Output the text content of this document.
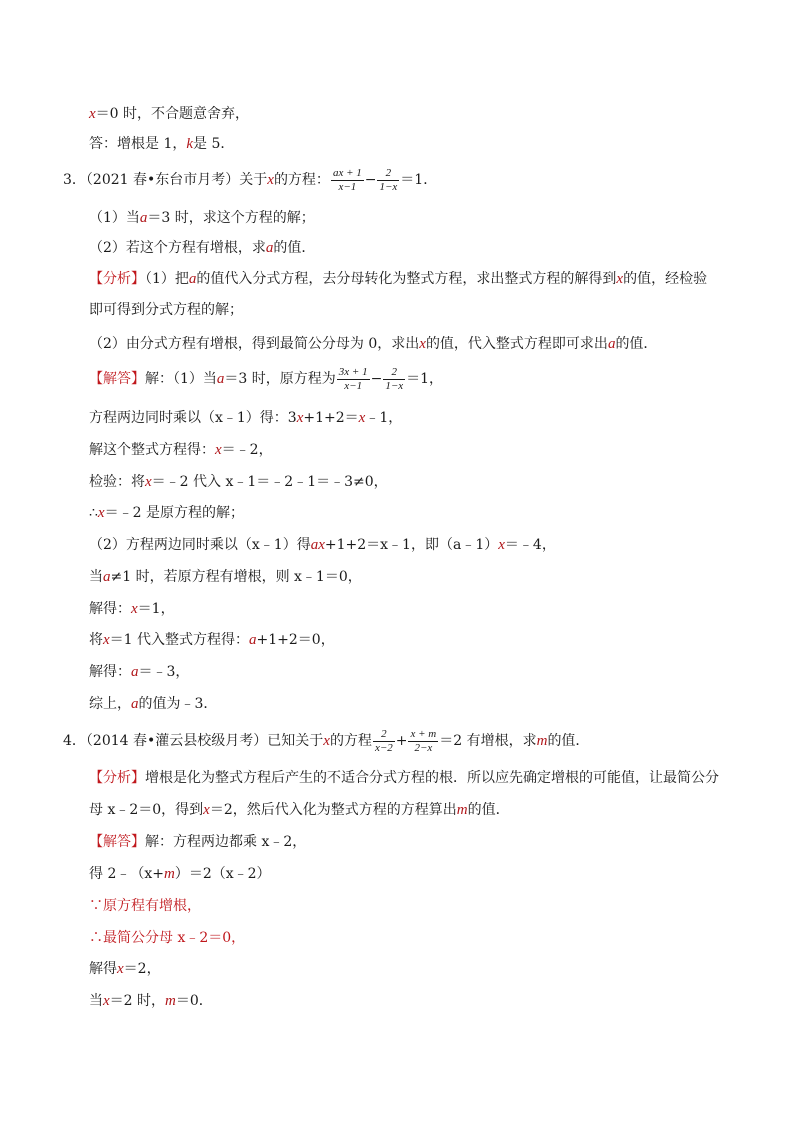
x＝0 时，不合题意舍弃，
答：增根是 1，k是 5．
3．（2021 春•东台市月考）关于x的方程： $\frac{ax + 1}{x-1} - \frac{2}{1-x} =1$．
（1）当a＝3 时，求这个方程的解；
（2）若这个方程有增根，求a的值．
【分析】（1）把a的值代入分式方程，去分母转化为整式方程，求出整式方程的解得到x的值，经检验
即可得到分式方程的解；
（2）由分式方程有增根，得到最简公分母为 0，求出x的值，代入整式方程即可求出a的值．
【解答】解：（1）当a＝3 时，原方程为 $\frac{3x + 1}{x-1} - \frac{2}{1-x} =1$，
方程两边同时乘以（x﹣1）得：3x+1+2＝x﹣1，
解这个整式方程得：x＝﹣2，
检验：将x＝﹣2 代入 x﹣1＝﹣2﹣1＝﹣3≠0，
∴x＝﹣2 是原方程的解；
（2）方程两边同时乘以（x﹣1）得ax+1+2＝x﹣1，即（a﹣1）x＝﹣4，
当a≠1 时，若原方程有增根，则 x﹣1＝0，
解得：x＝1，
将x＝1 代入整式方程得：a+1+2＝0，
解得：a＝﹣3，
综上，a的值为﹣3．
4．（2014 春•灌云县校级月考）已知关于x的方程 $\frac{2}{x-2} + \frac{x + m}{2-x} =2$ 有增根，求m的值．
【分析】增根是化为整式方程后产生的不适合分式方程的根．所以应先确定增根的可能值，让最简公分
母 x﹣2＝0，得到x＝2，然后代入化为整式方程的方程算出m的值．
【解答】解：方程两边都乘 x﹣2，
得 2﹣（x+m）＝2（x﹣2）
∵原方程有增根，
∴最简公分母 x﹣2＝0，
解得x＝2，
当x＝2 时，m＝0．
